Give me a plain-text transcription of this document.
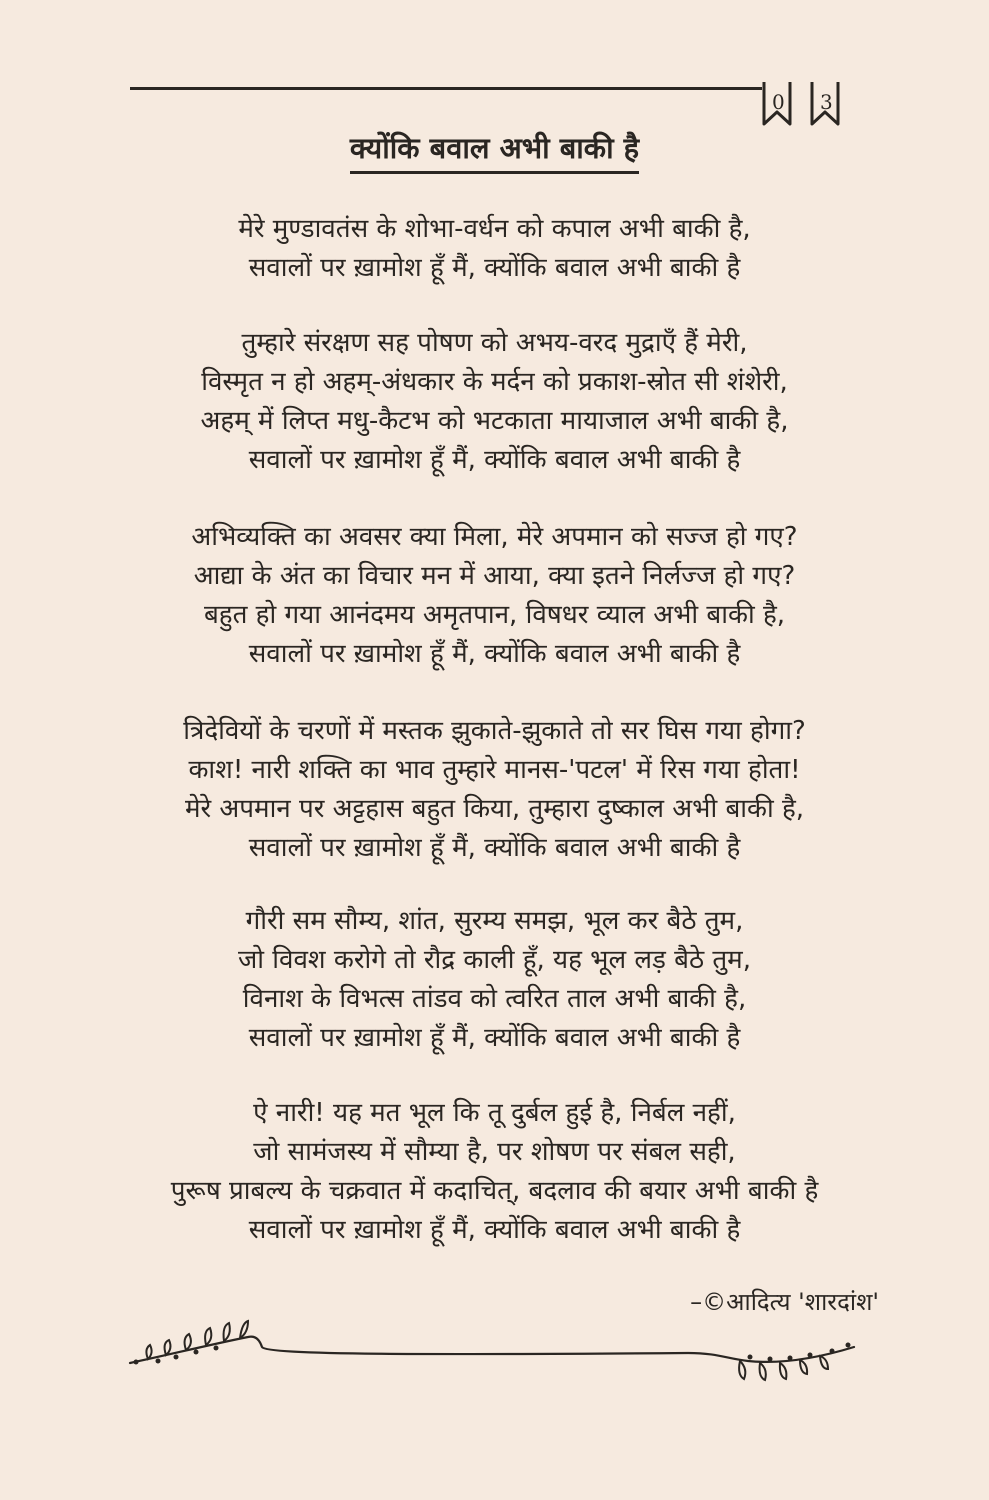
0 3
क्योंकि बवाल अभी बाकी है
मेरे मुण्डावतंस के शोभा-वर्धन को कपाल अभी बाकी है,
सवालों पर ख़ामोश हूँ मैं, क्योंकि बवाल अभी बाकी है
तुम्हारे संरक्षण सह पोषण को अभय-वरद मुद्राएँ हैं मेरी,
विस्मृत न हो अहम्-अंधकार के मर्दन को प्रकाश-स्रोत सी शंशेरी,
अहम् में लिप्त मधु-कैटभ को भटकाता मायाजाल अभी बाकी है,
सवालों पर ख़ामोश हूँ मैं, क्योंकि बवाल अभी बाकी है
अभिव्यक्ति का अवसर क्या मिला, मेरे अपमान को सज्ज हो गए?
आद्या के अंत का विचार मन में आया, क्या इतने निर्लज्ज हो गए?
बहुत हो गया आनंदमय अमृतपान, विषधर व्याल अभी बाकी है,
सवालों पर ख़ामोश हूँ मैं, क्योंकि बवाल अभी बाकी है
त्रिदेवियों के चरणों में मस्तक झुकाते-झुकाते तो सर घिस गया होगा?
काश! नारी शक्ति का भाव तुम्हारे मानस-'पटल' में रिस गया होता!
मेरे अपमान पर अट्टहास बहुत किया, तुम्हारा दुष्काल अभी बाकी है,
सवालों पर ख़ामोश हूँ मैं, क्योंकि बवाल अभी बाकी है
गौरी सम सौम्य, शांत, सुरम्य समझ, भूल कर बैठे तुम,
जो विवश करोगे तो रौद्र काली हूँ, यह भूल लड़ बैठे तुम,
विनाश के विभत्स तांडव को त्वरित ताल अभी बाकी है,
सवालों पर ख़ामोश हूँ मैं, क्योंकि बवाल अभी बाकी है
ऐ नारी! यह मत भूल कि तू दुर्बल हुई है, निर्बल नहीं,
जो सामंजस्य में सौम्या है, पर शोषण पर संबल सही,
पुरूष प्राबल्य के चक्रवात में कदाचित्, बदलाव की बयार अभी बाकी है
सवालों पर ख़ामोश हूँ मैं, क्योंकि बवाल अभी बाकी है
–©आदित्य 'शारदांश'
